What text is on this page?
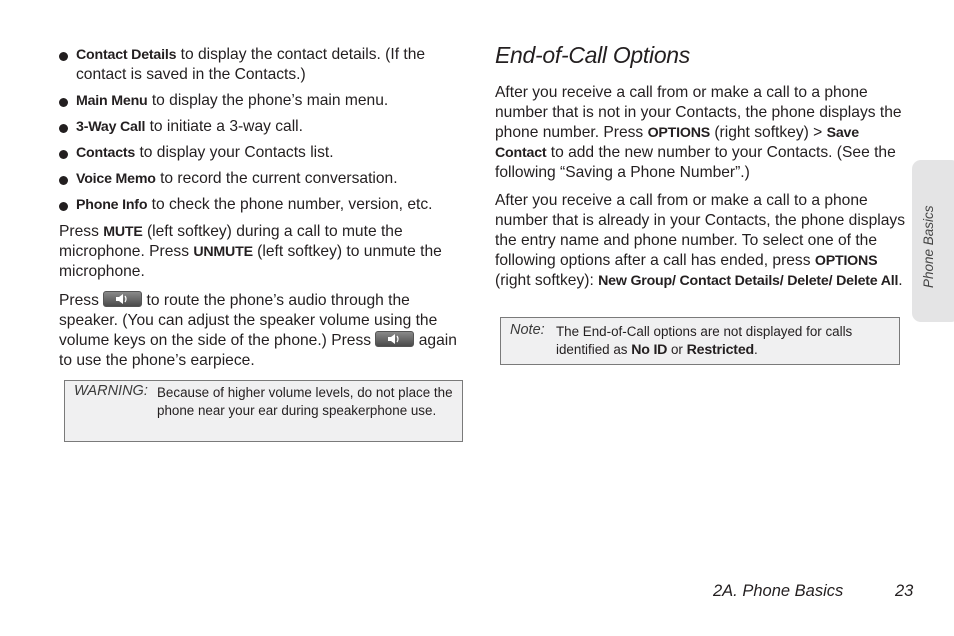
Contact Details to display the contact details. (If the contact is saved in the Contacts.)
Main Menu to display the phone’s main menu.
3-Way Call to initiate a 3-way call.
Contacts to display your Contacts list.
Voice Memo to record the current conversation.
Phone Info to check the phone number, version, etc.

Press MUTE (left softkey) during a call to mute the microphone. Press UNMUTE (left softkey) to unmute the microphone.

Press	to route the phone’s audio through the speaker. (You can adjust the speaker volume using the volume keys on the side of the phone.) Press	again to use the phone’s earpiece.

WARNING: Because of higher volume levels, do not place the phone near your ear during speakerphone use.
End-of-Call Options

After you receive a call from or make a call to a phone number that is not in your Contacts, the phone displays the phone number. Press OPTIONS (right softkey) > Save Contact to add the new number to your Contacts. (See the following “Saving a Phone Number”.)

After you receive a call from or make a call to a phone number that is already in your Contacts, the phone displays the entry name and phone number. To select one of the following options after a call has ended, press OPTIONS (right softkey): New Group/ Contact Details/ Delete/ Delete All.

Note: The End-of-Call options are not displayed for calls identified as No ID or Restricted.
Phone Basics
2A. Phone Basics	23
